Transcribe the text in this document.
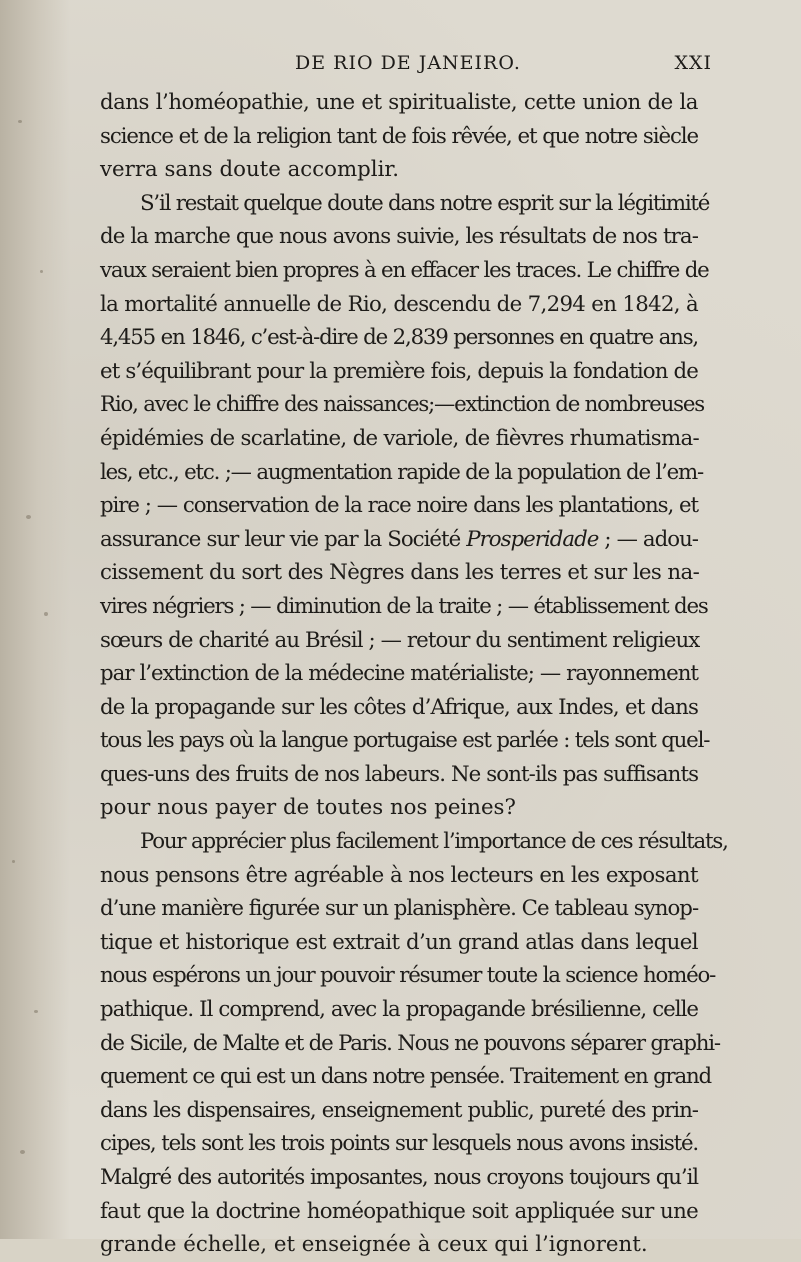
DE RIO DE JANEIRO.	XXI
dans l’homéopathie, une et spiritualiste, cette union de la
science et de la religion tant de fois rêvée, et que notre siècle
verra sans doute accomplir.
S’il restait quelque doute dans notre esprit sur la légitimité
de la marche que nous avons suivie, les résultats de nos tra-
vaux seraient bien propres à en effacer les traces. Le chiffre de
la mortalité annuelle de Rio, descendu de 7,294 en 1842, à
4,455 en 1846, c’est-à-dire de 2,839 personnes en quatre ans,
et s’équilibrant pour la première fois, depuis la fondation de
Rio, avec le chiffre des naissances;—extinction de nombreuses
épidémies de scarlatine, de variole, de fièvres rhumatisma-
les, etc., etc. ;— augmentation rapide de la population de l’em-
pire ; — conservation de la race noire dans les plantations, et
assurance sur leur vie par la Société Prosperidade ; — adou-
cissement du sort des Nègres dans les terres et sur les na-
vires négriers ; — diminution de la traite ; — établissement des
sœurs de charité au Brésil ; — retour du sentiment religieux
par l’extinction de la médecine matérialiste; — rayonnement
de la propagande sur les côtes d’Afrique, aux Indes, et dans
tous les pays où la langue portugaise est parlée : tels sont quel-
ques-uns des fruits de nos labeurs. Ne sont-ils pas suffisants
pour nous payer de toutes nos peines?
Pour apprécier plus facilement l’importance de ces résultats,
nous pensons être agréable à nos lecteurs en les exposant
d’une manière figurée sur un planisphère. Ce tableau synop-
tique et historique est extrait d’un grand atlas dans lequel
nous espérons un jour pouvoir résumer toute la science homéo-
pathique. Il comprend, avec la propagande brésilienne, celle
de Sicile, de Malte et de Paris. Nous ne pouvons séparer graphi-
quement ce qui est un dans notre pensée. Traitement en grand
dans les dispensaires, enseignement public, pureté des prin-
cipes, tels sont les trois points sur lesquels nous avons insisté.
Malgré des autorités imposantes, nous croyons toujours qu’il
faut que la doctrine homéopathique soit appliquée sur une
grande échelle, et enseignée à ceux qui l’ignorent.
